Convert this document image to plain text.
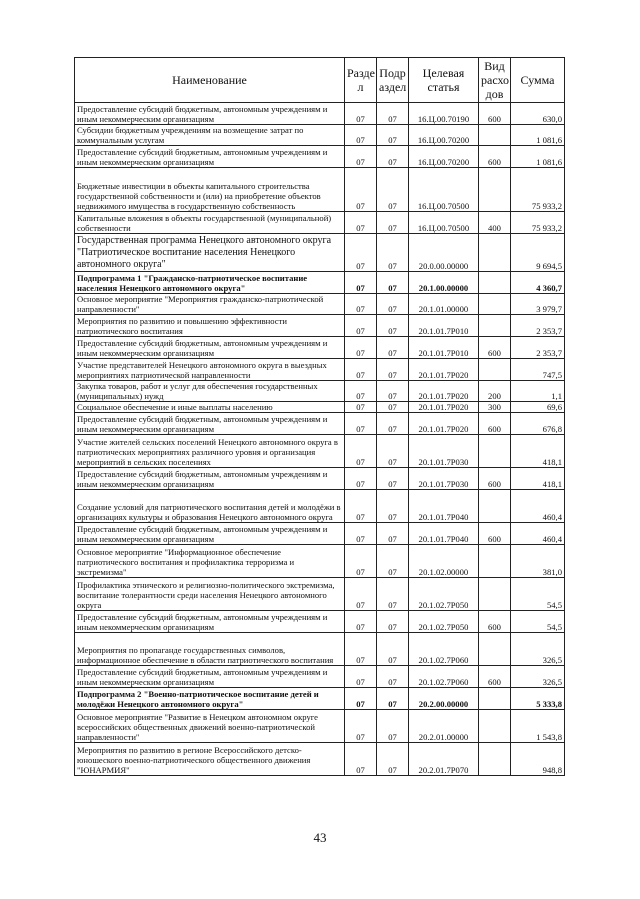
Наименование	Разде л	Подр аздел	Целевая статья	Вид расхо дов	Сумма
Предоставление субсидий бюджетным, автономным учреждениям и иным некоммерческим организациям	07	07	16.Ц.00.70190	600	630,0
Субсидии бюджетным учреждениям на возмещение затрат по коммунальным услугам	07	07	16.Ц.00.70200		1 081,6
Предоставление субсидий бюджетным, автономным учреждениям и иным некоммерческим организациям	07	07	16.Ц.00.70200	600	1 081,6
Бюджетные инвестиции в объекты капитального строительства государственной собственности и (или) на приобретение объектов недвижимого имущества в государственную собственность	07	07	16.Ц.00.70500		75 933,2
Капитальные вложения в объекты государственной (муниципальной) собственности	07	07	16.Ц.00.70500	400	75 933,2
Государственная программа Ненецкого автономного округа "Патриотическое воспитание населения Ненецкого автономного округа"	07	07	20.0.00.00000		9 694,5
Подпрограмма 1 "Гражданско-патриотическое воспитание населения Ненецкого автономного округа"	07	07	20.1.00.00000		4 360,7
Основное мероприятие "Мероприятия гражданско-патриотической направленности"	07	07	20.1.01.00000		3 979,7
Мероприятия по развитию и повышению эффективности патриотического воспитания	07	07	20.1.01.7Р010		2 353,7
Предоставление субсидий бюджетным, автономным учреждениям и иным некоммерческим организациям	07	07	20.1.01.7Р010	600	2 353,7
Участие представителей Ненецкого автономного округа в выездных мероприятиях патриотической направленности	07	07	20.1.01.7Р020		747,5
Закупка товаров, работ и услуг для обеспечения государственных (муниципальных) нужд	07	07	20.1.01.7Р020	200	1,1
Социальное обеспечение и иные выплаты населению	07	07	20.1.01.7Р020	300	69,6
Предоставление субсидий бюджетным, автономным учреждениям и иным некоммерческим организациям	07	07	20.1.01.7Р020	600	676,8
Участие жителей сельских поселений Ненецкого автономного округа в патриотических мероприятиях различного уровня и организация мероприятий в сельских поселениях	07	07	20.1.01.7Р030		418,1
Предоставление субсидий бюджетным, автономным учреждениям и иным некоммерческим организациям	07	07	20.1.01.7Р030	600	418,1
Создание условий для патриотического воспитания детей и молодёжи в организациях культуры и образования Ненецкого автономного округа	07	07	20.1.01.7Р040		460,4
Предоставление субсидий бюджетным, автономным учреждениям и иным некоммерческим организациям	07	07	20.1.01.7Р040	600	460,4
Основное мероприятие "Информационное обеспечение патриотического воспитания и профилактика терроризма и экстремизма"	07	07	20.1.02.00000		381,0
Профилактика этнического и религиозно-политического экстремизма, воспитание толерантности среди населения Ненецкого автономного округа	07	07	20.1.02.7Р050		54,5
Предоставление субсидий бюджетным, автономным учреждениям и иным некоммерческим организациям	07	07	20.1.02.7Р050	600	54,5
Мероприятия по пропаганде государственных символов, информационное обеспечение в области патриотического воспитания	07	07	20.1.02.7Р060		326,5
Предоставление субсидий бюджетным, автономным учреждениям и иным некоммерческим организациям	07	07	20.1.02.7Р060	600	326,5
Подпрограмма 2 "Военно-патриотическое воспитание детей и молодёжи Ненецкого автономного округа"	07	07	20.2.00.00000		5 333,8
Основное мероприятие "Развитие в Ненецком автономном округе всероссийских общественных движений военно-патриотической направленности"	07	07	20.2.01.00000		1 543,8
Мероприятия по развитию в регионе Всероссийского детско-юношеского военно-патриотического общественного движения "ЮНАРМИЯ"	07	07	20.2.01.7Р070		948,8
43
